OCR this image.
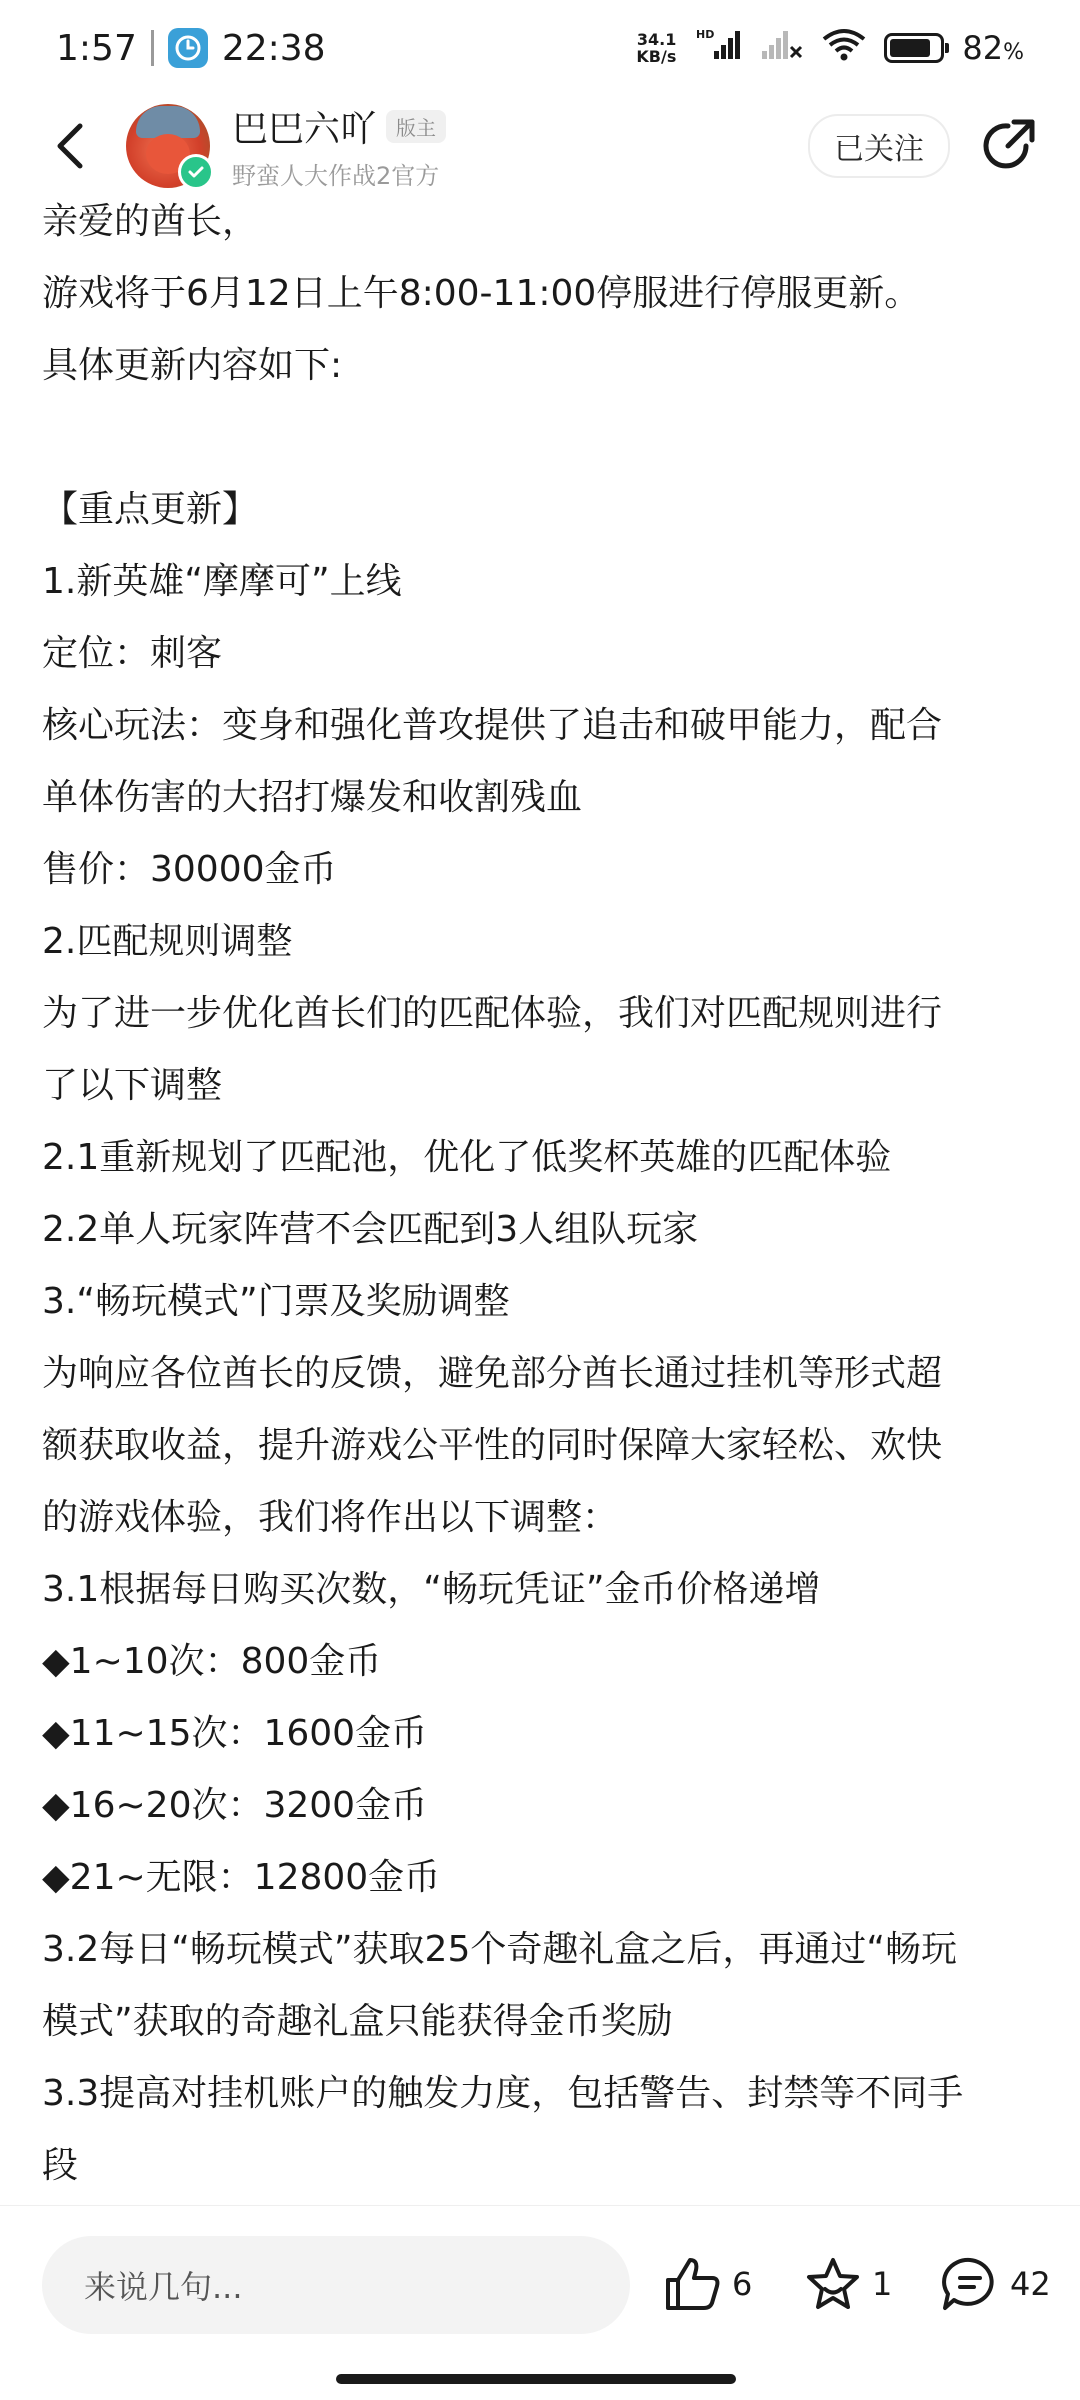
1:57 22:38	34.1
KB/s
HD	82%
巴巴六吖	版主
野蛮人大作战2官方
已关注
亲爱的酋长，
游戏将于6月12日上午8:00-11:00停服进行停服更新。
具体更新内容如下:
【重点更新】
1.新英雄“摩摩可”上线
定位：刺客
核心玩法：变身和强化普攻提供了追击和破甲能力，配合
单体伤害的大招打爆发和收割残血
售价：30000金币
2.匹配规则调整
为了进一步优化酋长们的匹配体验，我们对匹配规则进行
了以下调整
2.1重新规划了匹配池，优化了低奖杯英雄的匹配体验
2.2单人玩家阵营不会匹配到3人组队玩家
3.“畅玩模式”门票及奖励调整
为响应各位酋长的反馈，避免部分酋长通过挂机等形式超
额获取收益，提升游戏公平性的同时保障大家轻松、欢快
的游戏体验，我们将作出以下调整：
3.1根据每日购买次数，“畅玩凭证”金币价格递增
◆1~10次：800金币
◆11~15次：1600金币
◆16~20次：3200金币
◆21~无限：12800金币
3.2每日“畅玩模式”获取25个奇趣礼盒之后，再通过“畅玩
模式”获取的奇趣礼盒只能获得金币奖励
3.3提高对挂机账户的触发力度，包括警告、封禁等不同手
段
来说几句...	6	1	42
